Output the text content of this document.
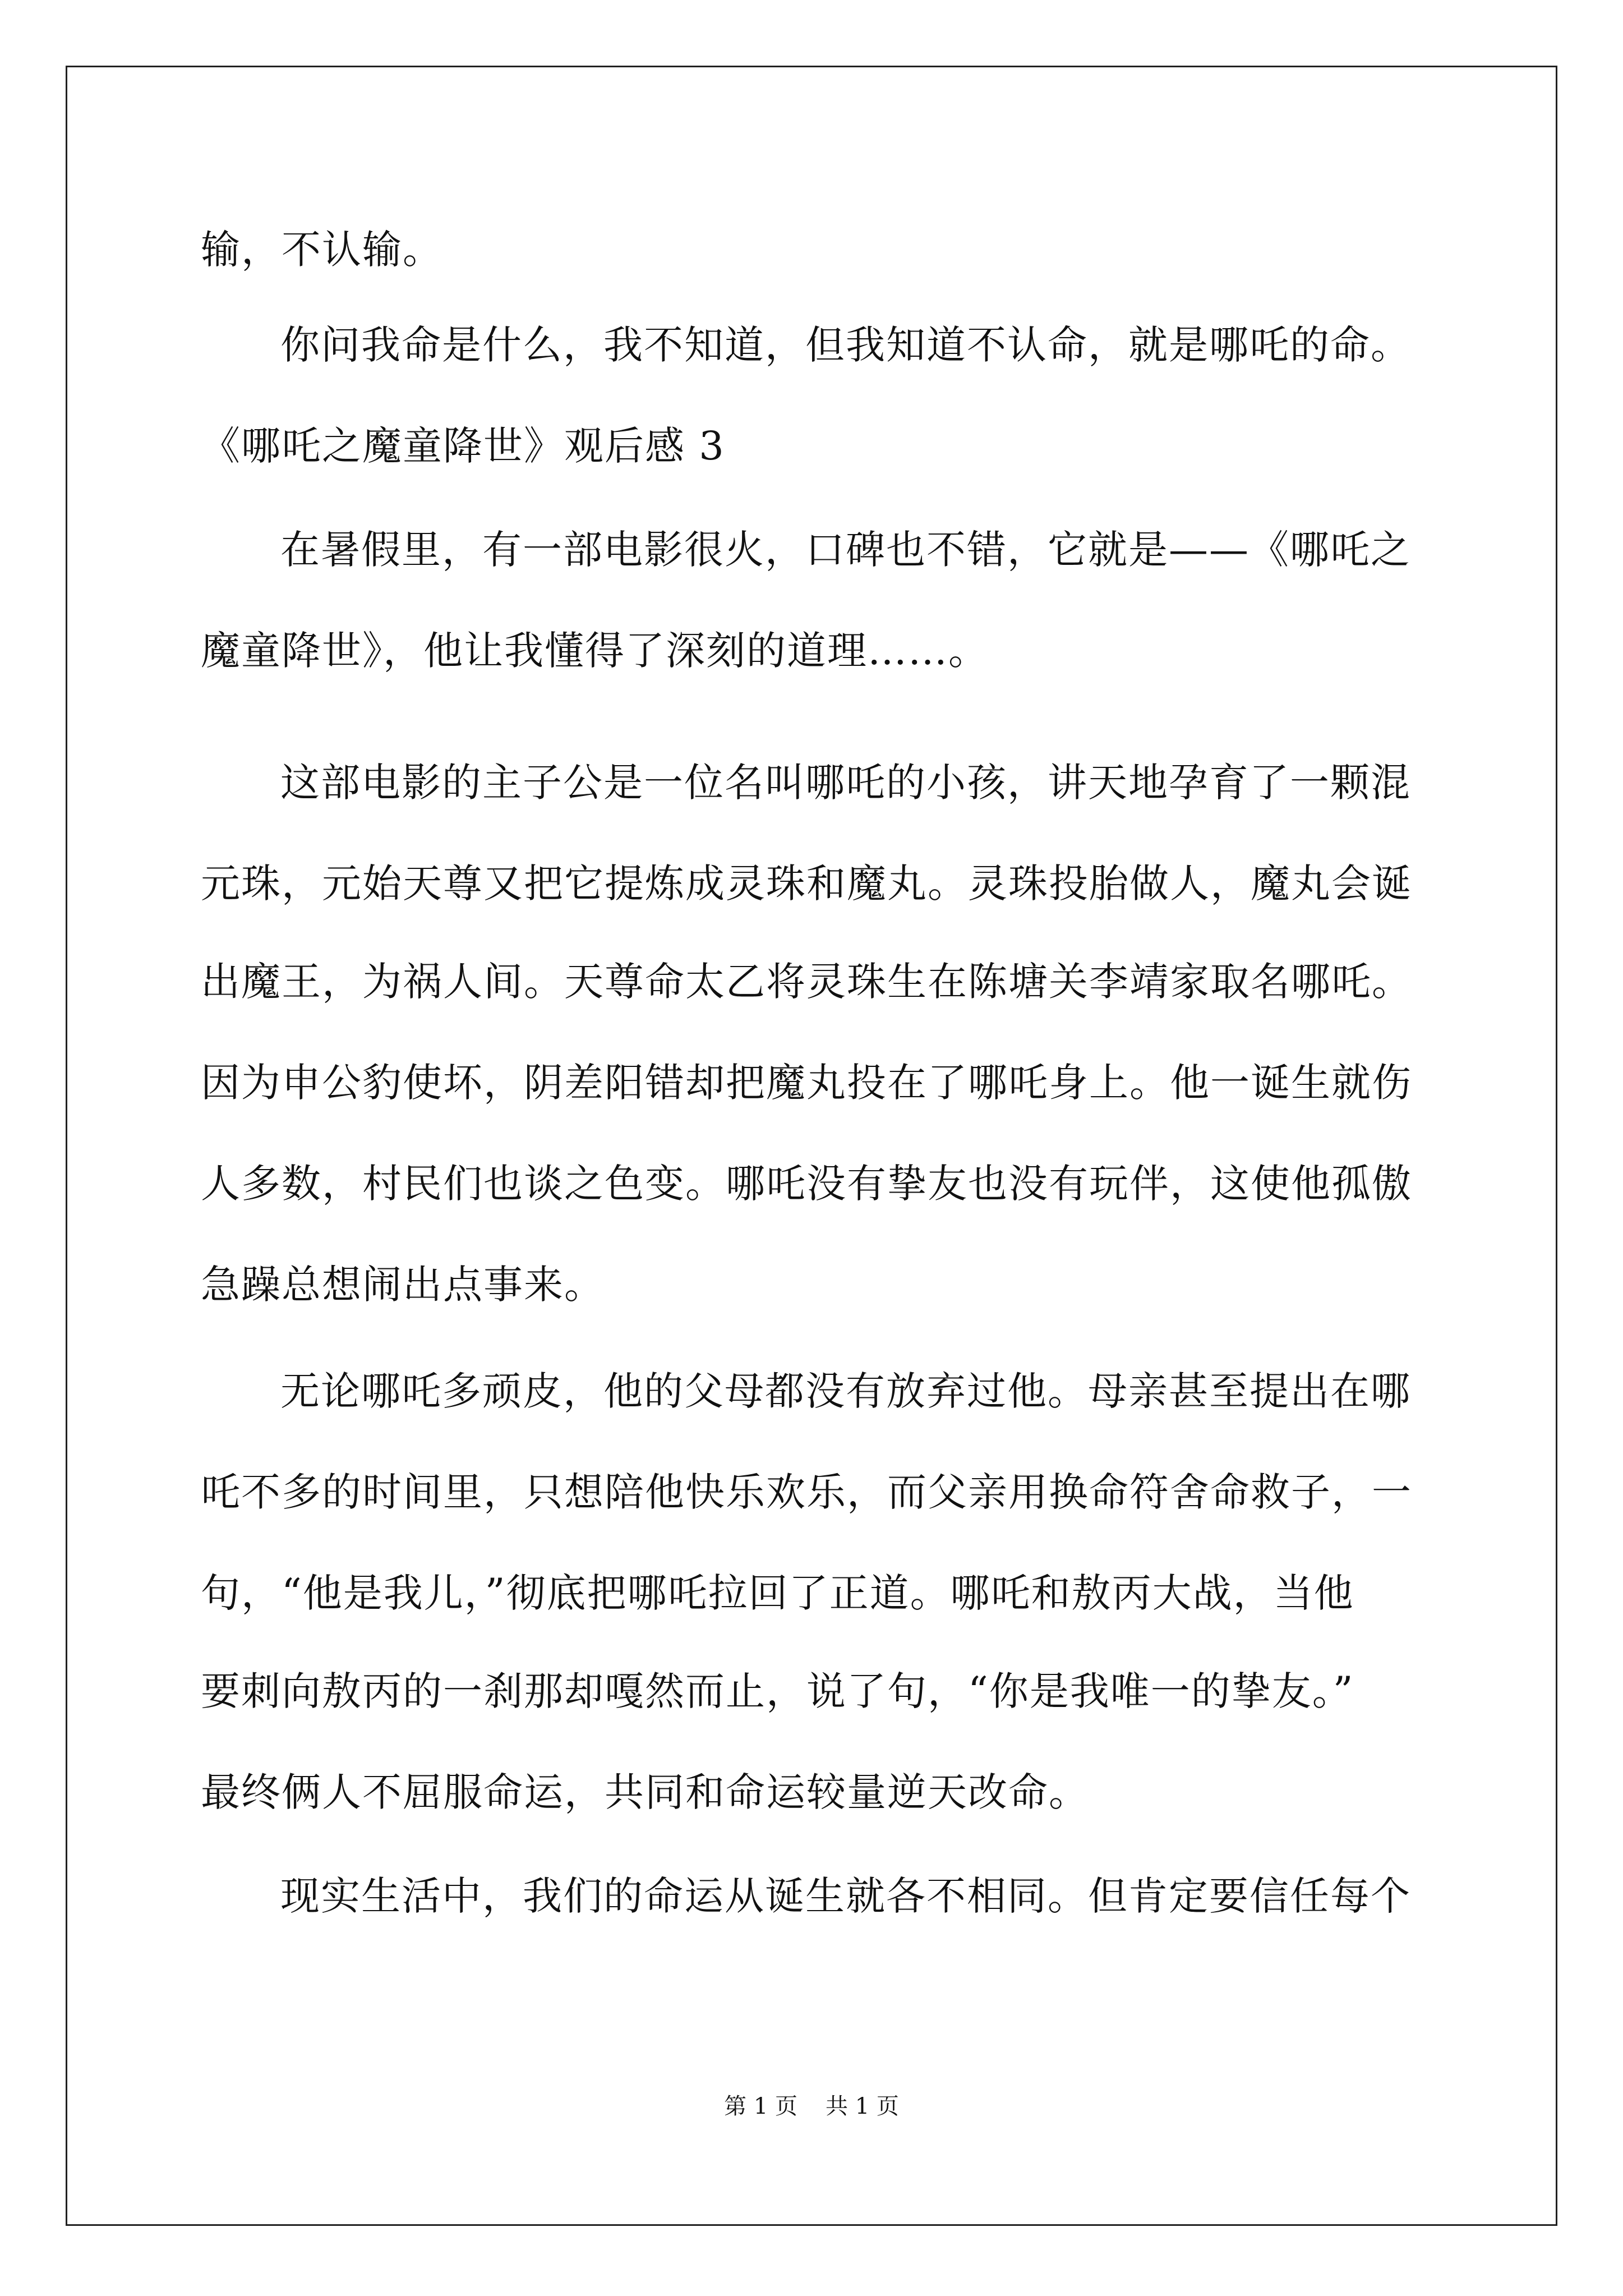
输，不认输。
你问我命是什么，我不知道，但我知道不认命，就是哪吒的命。
《哪吒之魔童降世》观后感 3
在暑假里，有一部电影很火，口碑也不错，它就是——《哪吒之
魔童降世》，他让我懂得了深刻的道理……。
这部电影的主子公是一位名叫哪吒的小孩，讲天地孕育了一颗混
元珠，元始天尊又把它提炼成灵珠和魔丸。灵珠投胎做人，魔丸会诞
出魔王，为祸人间。天尊命太乙将灵珠生在陈塘关李靖家取名哪吒。
因为申公豹使坏，阴差阳错却把魔丸投在了哪吒身上。他一诞生就伤
人多数，村民们也谈之色变。哪吒没有挚友也没有玩伴，这使他孤傲
急躁总想闹出点事来。
无论哪吒多顽皮，他的父母都没有放弃过他。母亲甚至提出在哪
吒不多的时间里，只想陪他快乐欢乐，而父亲用换命符舍命救子，一
句，“他是我儿，”彻底把哪吒拉回了正道。哪吒和敖丙大战，当他
要刺向敖丙的一刹那却嘎然而止，说了句，“你是我唯一的挚友。”
最终俩人不屈服命运，共同和命运较量逆天改命。
现实生活中，我们的命运从诞生就各不相同。但肯定要信任每个
第 1 页 共 1 页
